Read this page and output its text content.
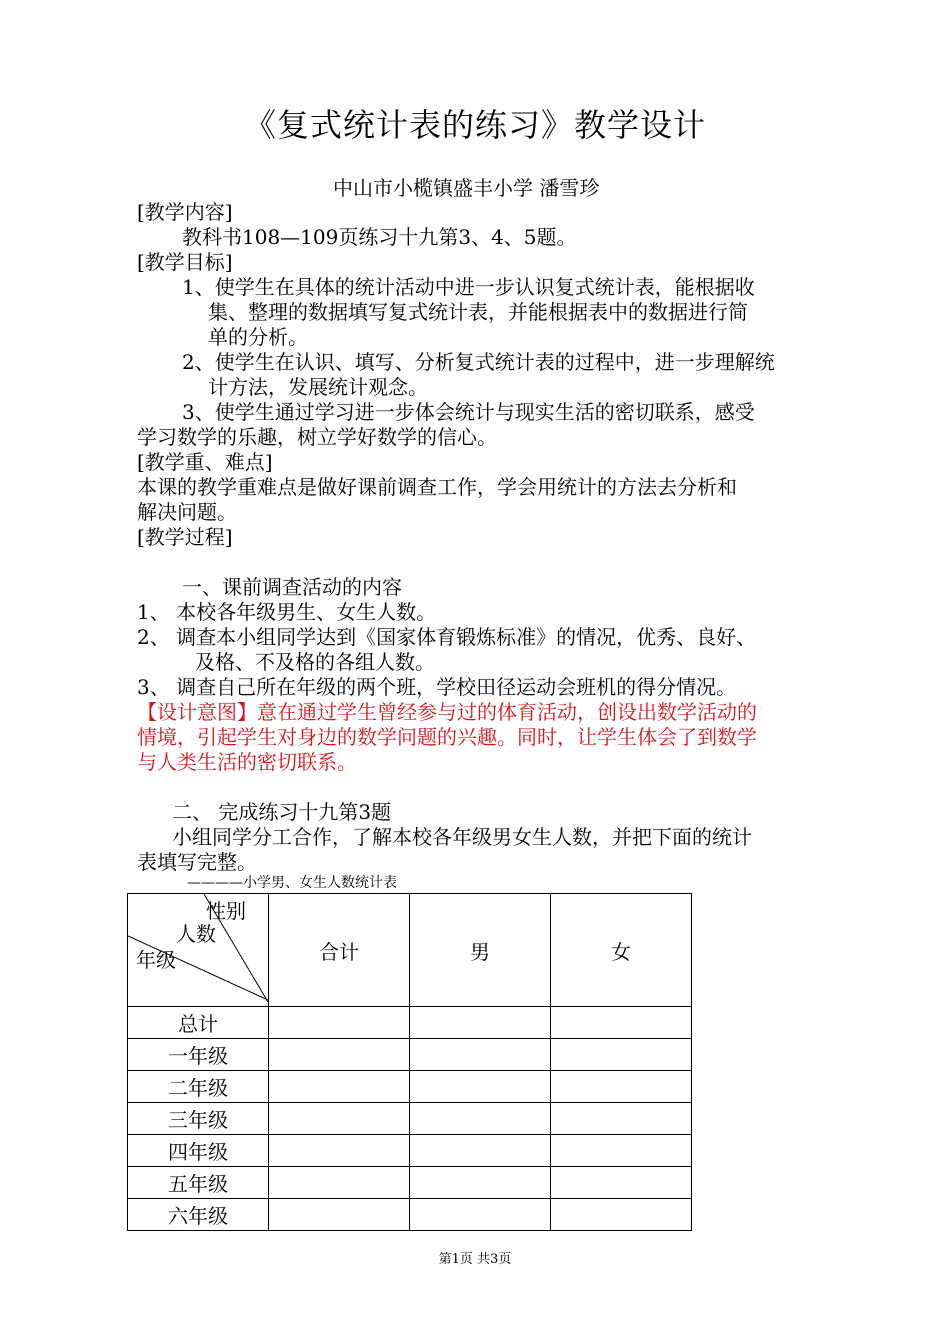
《复式统计表的练习》教学设计
中山市小榄镇盛丰小学 潘雪珍
[教学内容]
教科书108—109页练习十九第3、4、5题。
[教学目标]
1、使学生在具体的统计活动中进一步认识复式统计表，能根据收
集、整理的数据填写复式统计表，并能根据表中的数据进行简
单的分析。
2、使学生在认识、填写、分析复式统计表的过程中，进一步理解统
计方法，发展统计观念。
3、使学生通过学习进一步体会统计与现实生活的密切联系，感受
学习数学的乐趣，树立学好数学的信心。
[教学重、难点]
本课的教学重难点是做好课前调查工作，学会用统计的方法去分析和
解决问题。
[教学过程]
一、课前调查活动的内容
1、 本校各年级男生、女生人数。
2、 调查本小组同学达到《国家体育锻炼标准》的情况，优秀、良好、
及格、不及格的各组人数。
3、 调查自己所在年级的两个班，学校田径运动会班机的得分情况。
【设计意图】意在通过学生曾经参与过的体育活动，创设出数学活动的
情境，引起学生对身边的数学问题的兴趣。同时，让学生体会了到数学
与人类生活的密切联系。
二、 完成练习十九第3题
小组同学分工合作，了解本校各年级男女生人数，并把下面的统计
表填写完整。
————小学男、女生人数统计表
性别
人数
年级	合计	男	女
总计			
一年级			
二年级			
三年级			
四年级			
五年级			
六年级			
第1页 共3页
